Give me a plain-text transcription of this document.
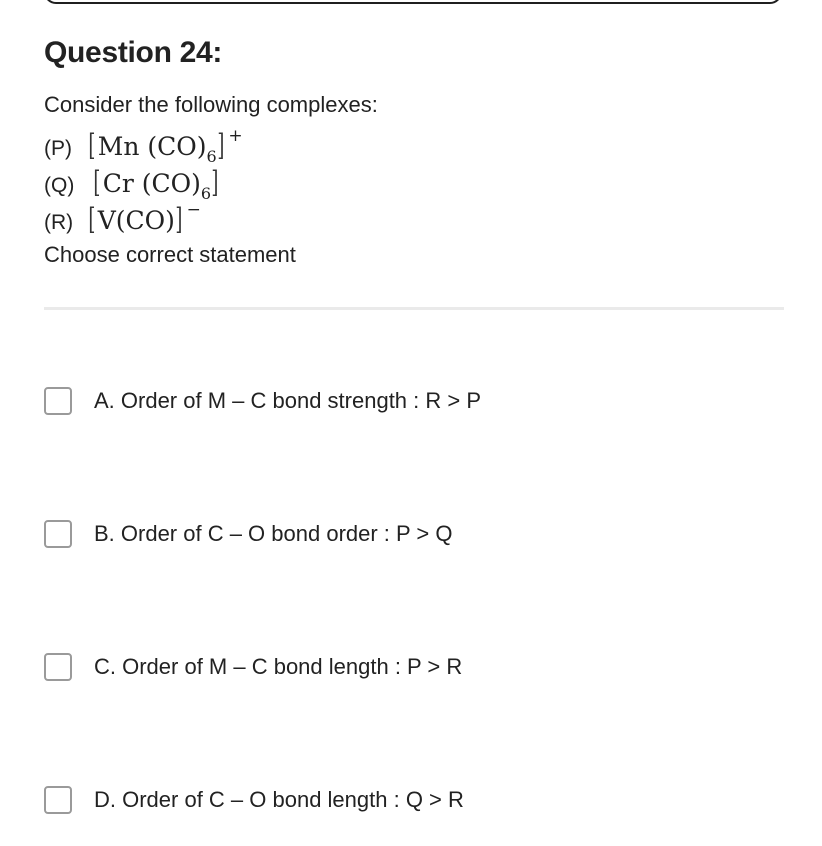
Question 24:
Consider the following complexes:
(P) [Mn $(CO)_6$] +
(Q) [Cr $(CO)_6$]
(R) [V(CO)] −
Choose correct statement
A. Order of M – C bond strength : R > P
B. Order of C – O bond order : P > Q
C. Order of M – C bond length : P > R
D. Order of C – O bond length : Q > R
